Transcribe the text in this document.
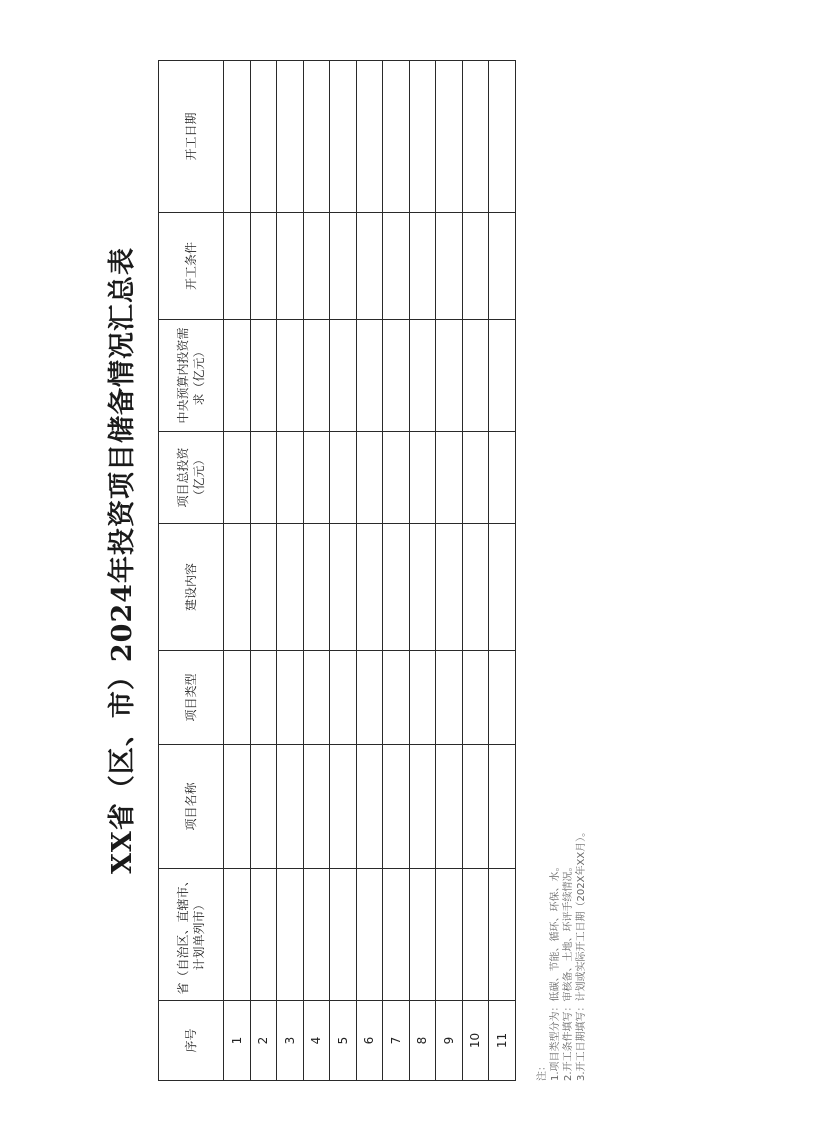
XX省（区、市）2024年投资项目储备情况汇总表
序号	省（自治区、直辖市、计划单列市）	项目名称	项目类型	建设内容	项目总投资（亿元）	中央预算内投资需求（亿元）	开工条件	开工日期
1								
2								
3								
4								
5								
6								
7								
8								
9								
10								
11								
注： 1.项目类型分为：低碳、节能、循环、环保、水。 2.开工条件填写：审核备、土地、环评手续情况。 3.开工日期填写：计划或实际开工日期（202X年XX月）。
